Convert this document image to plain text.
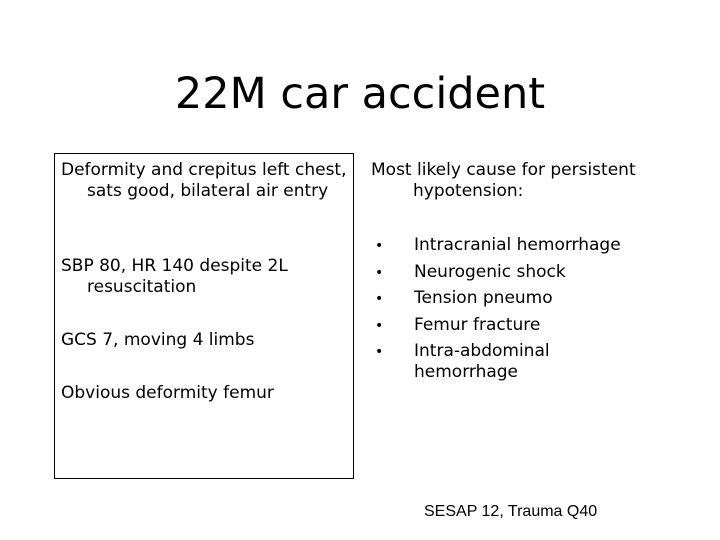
22M car accident
Deformity and crepitus left chest, sats good, bilateral air entry
SBP 80, HR 140 despite 2L resuscitation
GCS 7, moving 4 limbs
Obvious deformity femur
Most likely cause for persistent hypotension:
• Intracranial hemorrhage
• Neurogenic shock
• Tension pneumo
• Femur fracture
• Intra-abdominal hemorrhage
SESAP 12, Trauma Q40
